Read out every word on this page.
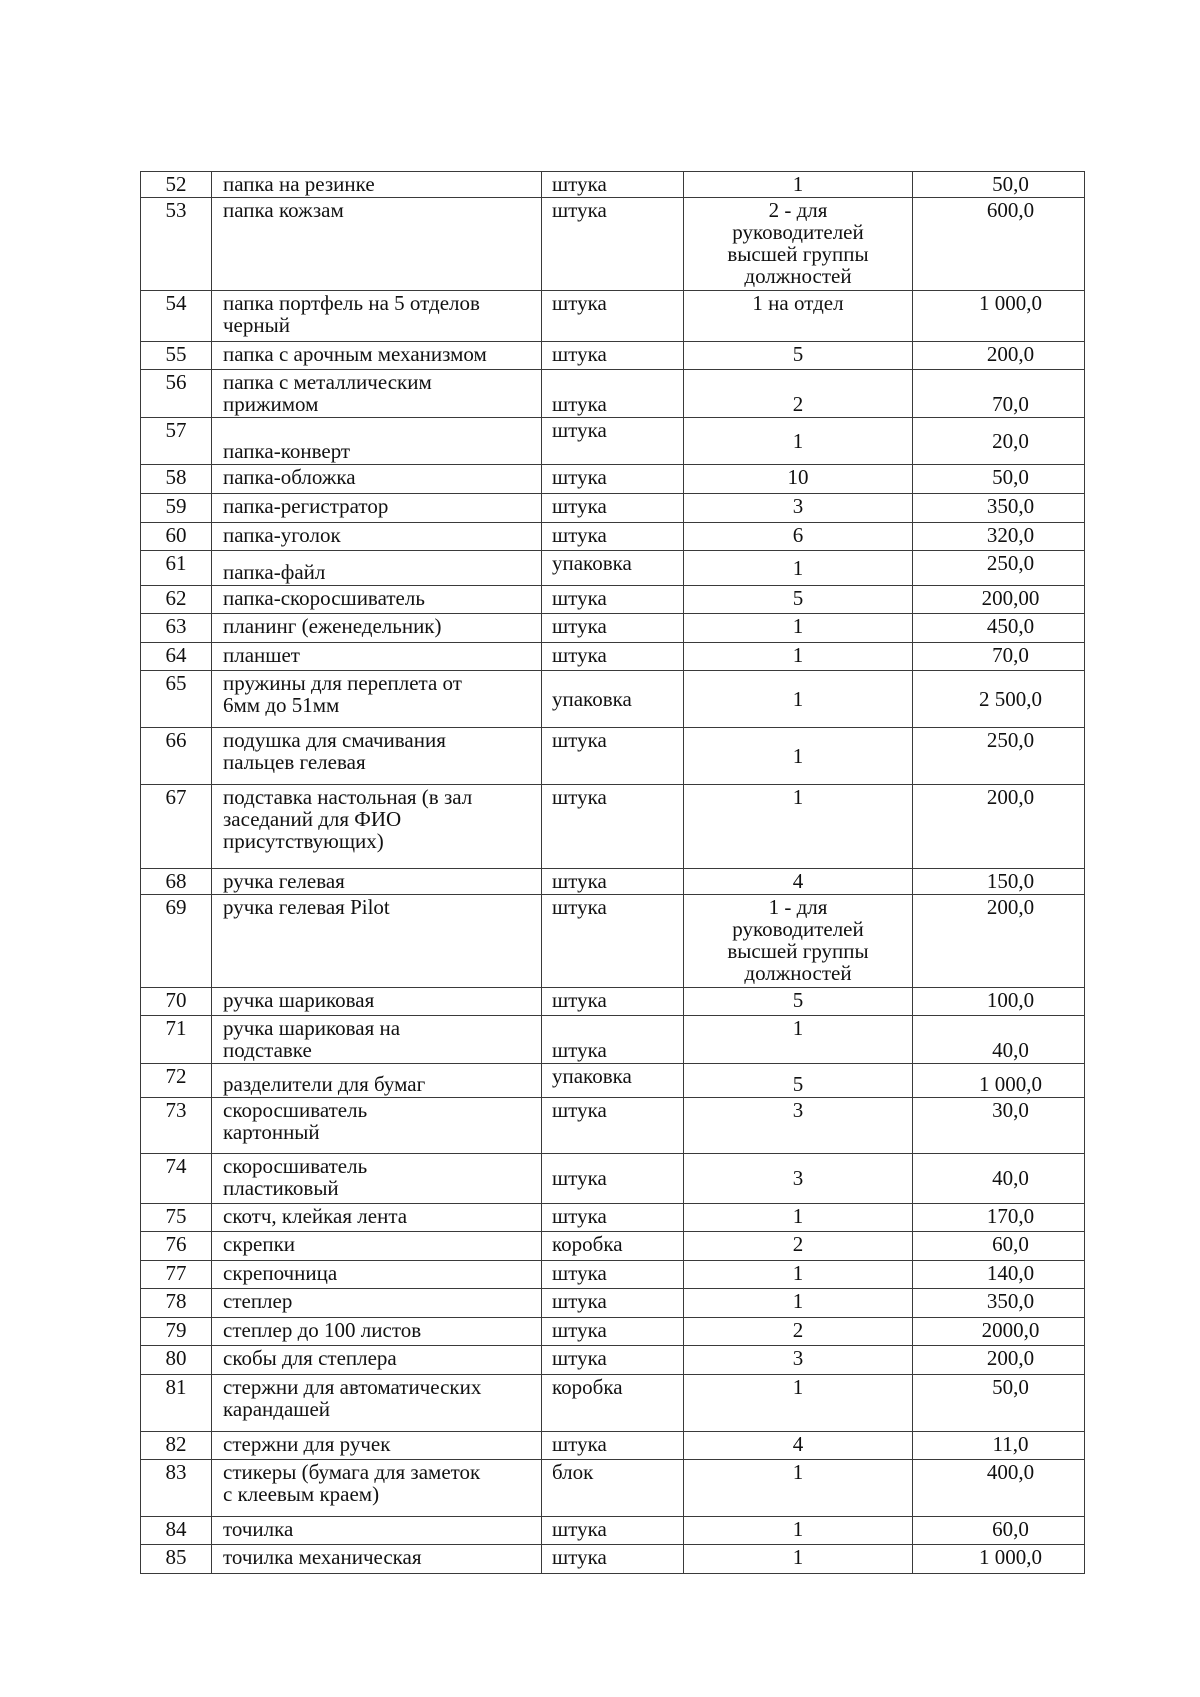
52	папка на резинке	штука	1	50,0

53	папка кожзам	штука	2 - для
руководителей
высшей группы
должностей	600,0

54	папка портфель на 5 отделов
черный	штука	1 на отдел	1 000,0

55	папка с арочным механизмом	штука	5	200,0

56	папка с металлическим
прижимом	штука	2	70,0

57	папка-конверт	штука	1	20,0

58	папка-обложка	штука	10	50,0

59	папка-регистратор	штука	3	350,0

60	папка-уголок	штука	6	320,0

61	папка-файл	упаковка	1	250,0

62	папка-скоросшиватель	штука	5	200,00

63	планинг (еженедельник)	штука	1	450,0

64	планшет	штука	1	70,0

65	пружины для переплета от
6мм до 51мм	упаковка	1	2 500,0

66	подушка для смачивания
пальцев гелевая	штука	1	250,0

67	подставка настольная (в зал
заседаний для ФИО
присутствующих)	штука	1	200,0

68	ручка гелевая	штука	4	150,0

69	ручка гелевая Pilot	штука	1 - для
руководителей
высшей группы
должностей	200,0

70	ручка шариковая	штука	5	100,0

71	ручка шариковая на
подставке	штука	1	40,0

72	разделители для бумаг	упаковка	5	1 000,0

73	скоросшиватель
картонный	штука	3	30,0

74	скоросшиватель
пластиковый	штука	3	40,0

75	скотч, клейкая лента	штука	1	170,0

76	скрепки	коробка	2	60,0

77	скрепочница	штука	1	140,0

78	степлер	штука	1	350,0

79	степлер до 100 листов	штука	2	2000,0

80	скобы для степлера	штука	3	200,0

81	стержни для автоматических
карандашей	коробка	1	50,0

82	стержни для ручек	штука	4	11,0

83	стикеры (бумага для заметок
с клеевым краем)	блок	1	400,0

84	точилка	штука	1	60,0

85	точилка механическая	штука	1	1 000,0
